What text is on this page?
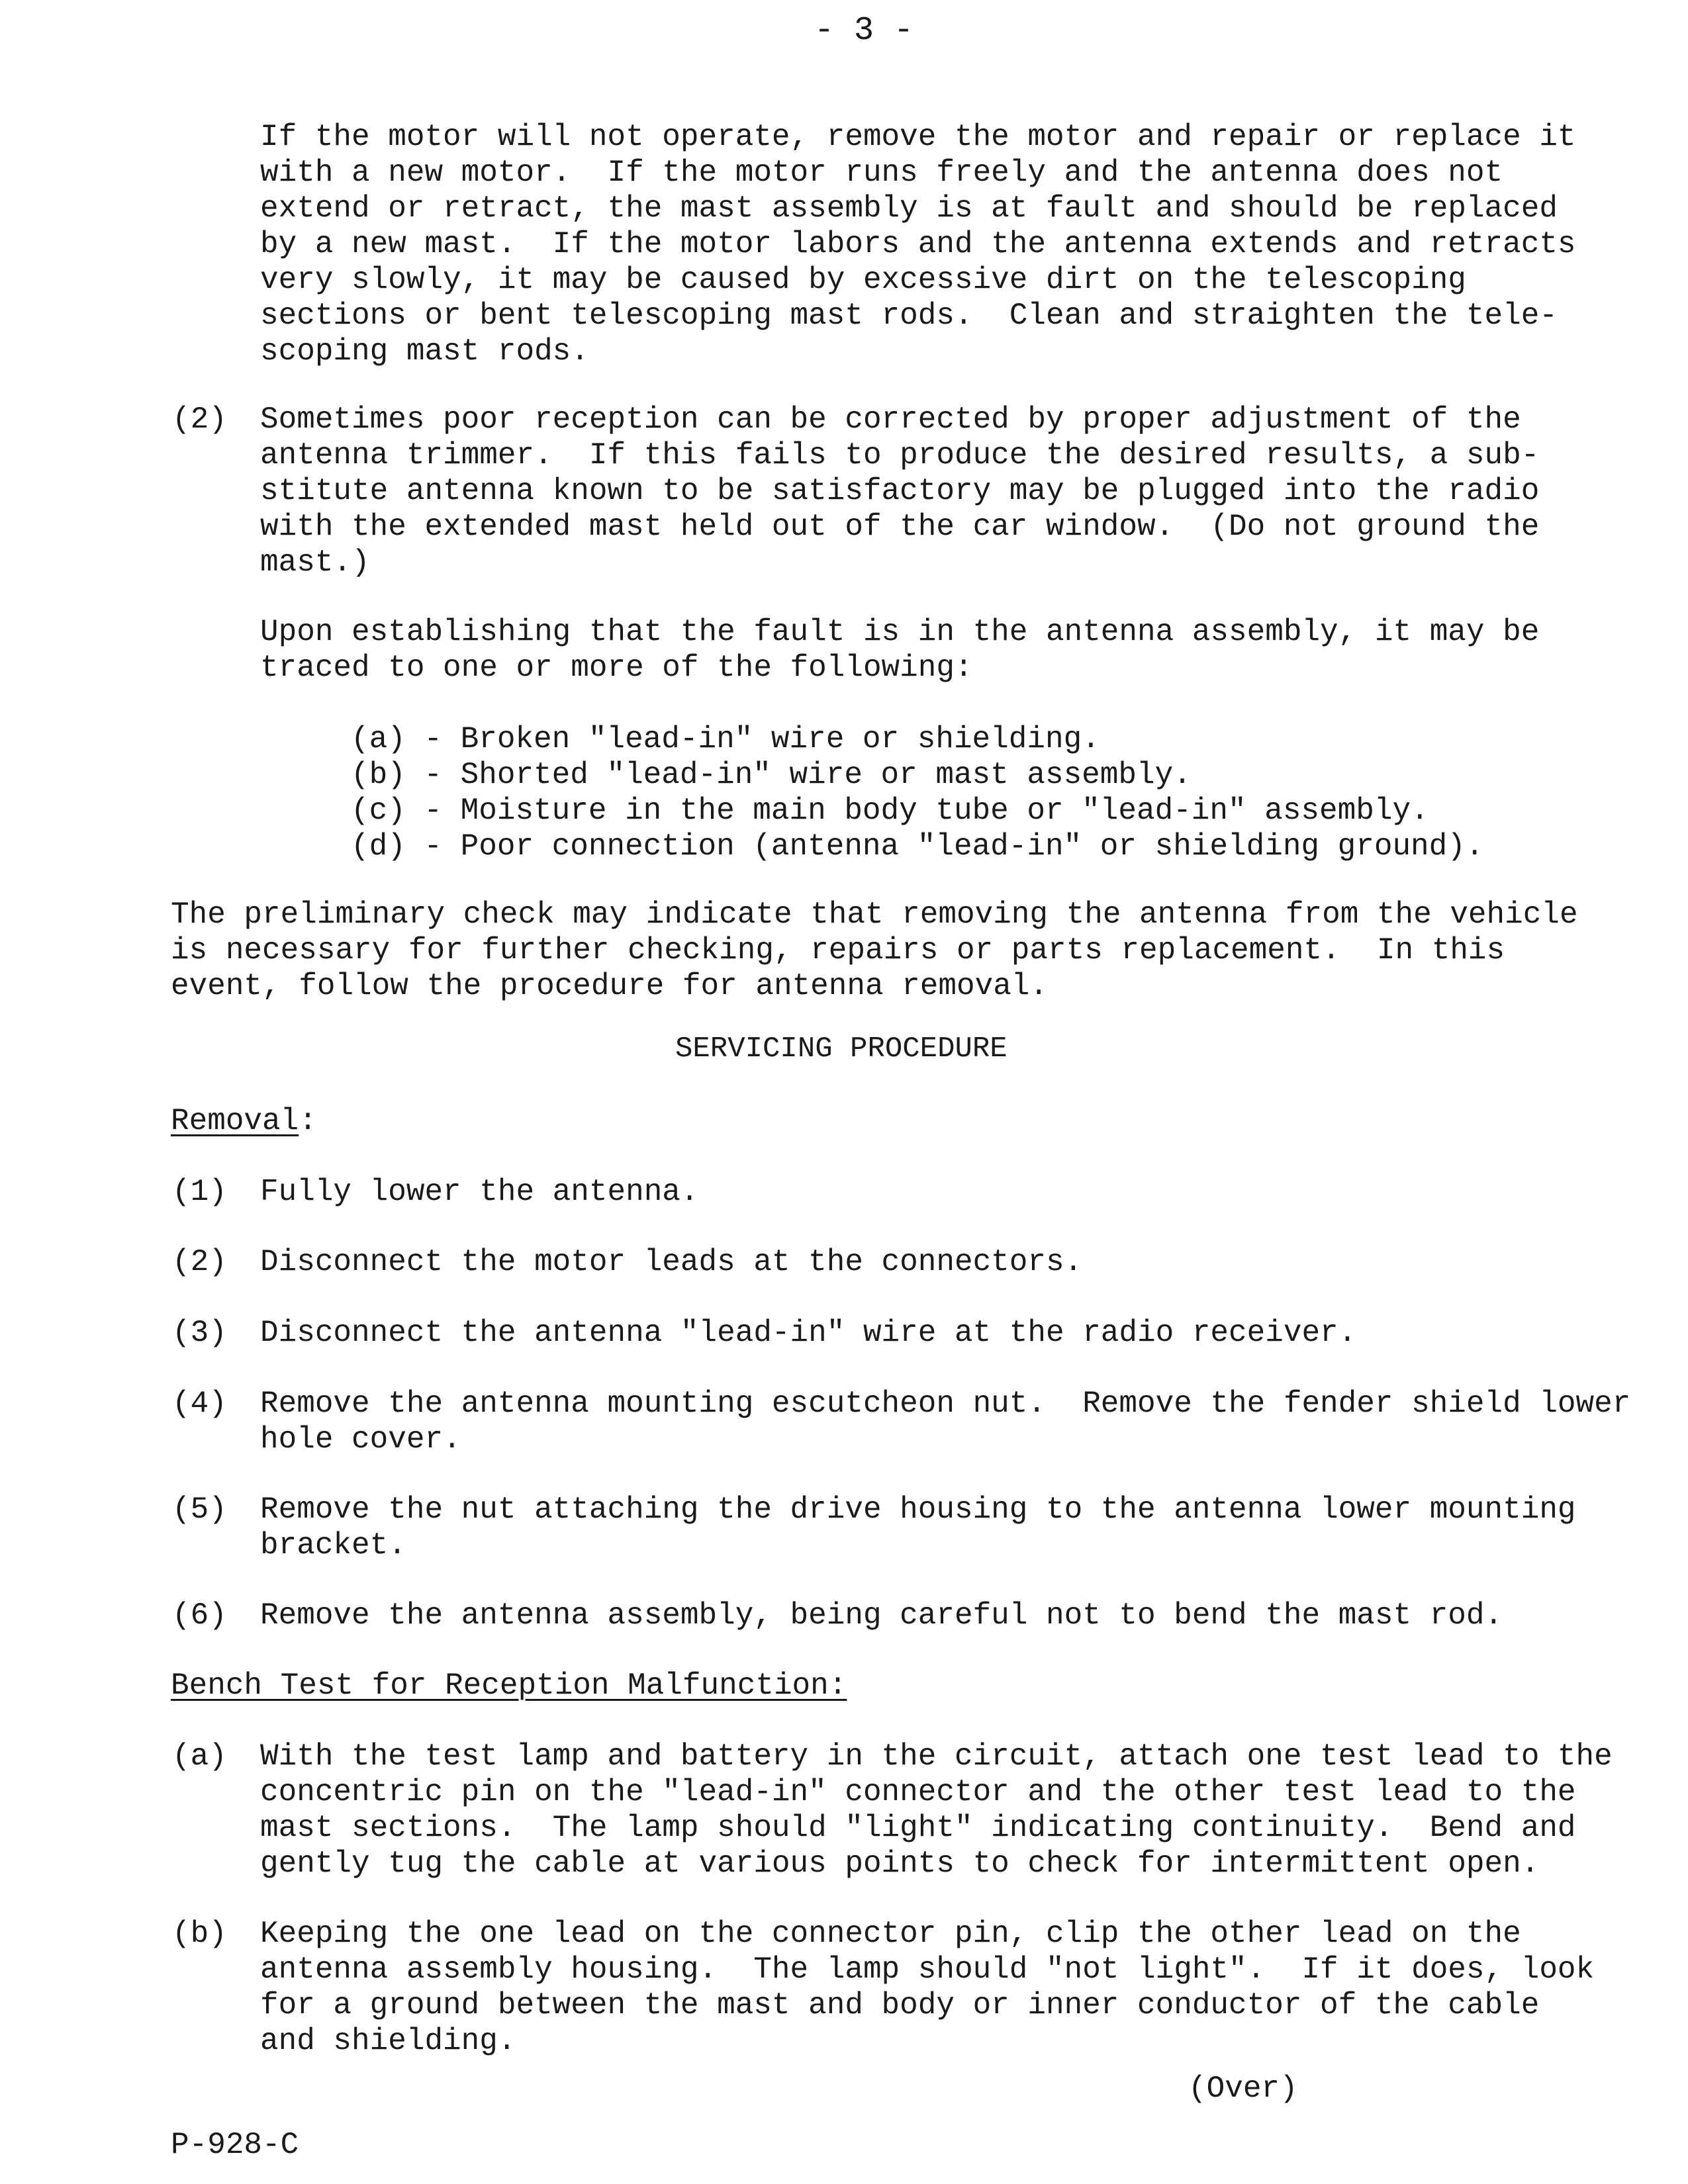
- 3 -
If the motor will not operate, remove the motor and repair or replace it
with a new motor.  If the motor runs freely and the antenna does not
extend or retract, the mast assembly is at fault and should be replaced
by a new mast.  If the motor labors and the antenna extends and retracts
very slowly, it may be caused by excessive dirt on the telescoping
sections or bent telescoping mast rods.  Clean and straighten the tele-
scoping mast rods.
(2) Sometimes poor reception can be corrected by proper adjustment of the
antenna trimmer.  If this fails to produce the desired results, a sub-
stitute antenna known to be satisfactory may be plugged into the radio
with the extended mast held out of the car window.  (Do not ground the
mast.)
Upon establishing that the fault is in the antenna assembly, it may be
traced to one or more of the following:
(a) - Broken "lead-in" wire or shielding.
(b) - Shorted "lead-in" wire or mast assembly.
(c) - Moisture in the main body tube or "lead-in" assembly.
(d) - Poor connection (antenna "lead-in" or shielding ground).
The preliminary check may indicate that removing the antenna from the vehicle
is necessary for further checking, repairs or parts replacement.  In this
event, follow the procedure for antenna removal.
SERVICING PROCEDURE
Removal:
(1) Fully lower the antenna.
(2) Disconnect the motor leads at the connectors.
(3) Disconnect the antenna "lead-in" wire at the radio receiver.
(4) Remove the antenna mounting escutcheon nut.  Remove the fender shield lower
hole cover.
(5) Remove the nut attaching the drive housing to the antenna lower mounting
bracket.
(6) Remove the antenna assembly, being careful not to bend the mast rod.
Bench Test for Reception Malfunction:
(a) With the test lamp and battery in the circuit, attach one test lead to the
concentric pin on the "lead-in" connector and the other test lead to the
mast sections.  The lamp should "light" indicating continuity.  Bend and
gently tug the cable at various points to check for intermittent open.
(b) Keeping the one lead on the connector pin, clip the other lead on the
antenna assembly housing.  The lamp should "not light".  If it does, look
for a ground between the mast and body or inner conductor of the cable
and shielding.
(Over)
P-928-C
